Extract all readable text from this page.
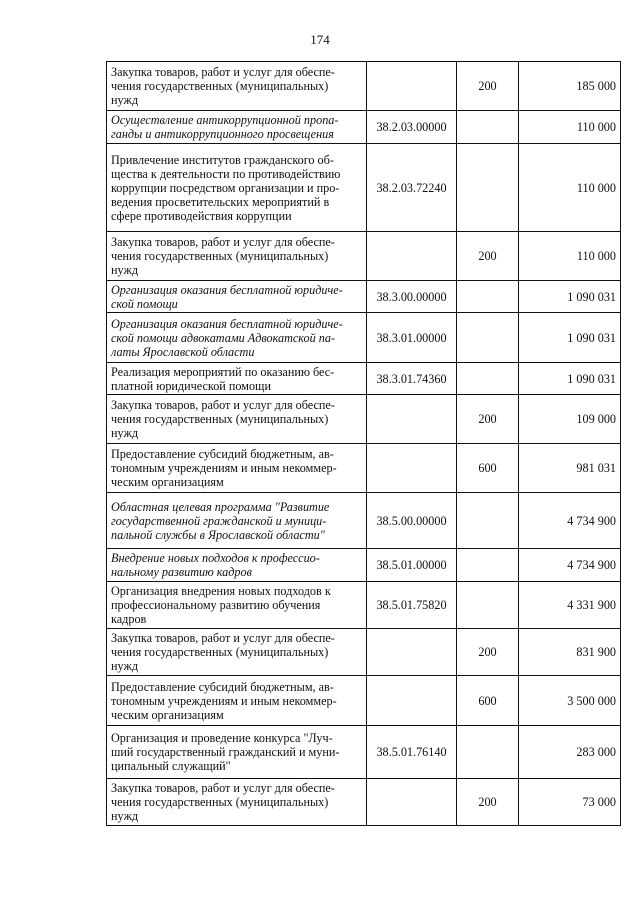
174
Закупка товаров, работ и услуг для обеспе-
чения государственных (муниципальных)
нужд		200	185 000
Осуществление антикоррупционной пропа-
ганды и антикоррупционного просвещения	38.2.03.00000		110 000
Привлечение институтов гражданского об-
щества к деятельности по противодействию
коррупции посредством организации и про-
ведения просветительских мероприятий в
сфере противодействия коррупции	38.2.03.72240		110 000
Закупка товаров, работ и услуг для обеспе-
чения государственных (муниципальных)
нужд		200	110 000
Организация оказания бесплатной юридиче-
ской помощи	38.3.00.00000		1 090 031
Организация оказания бесплатной юридиче-
ской помощи адвокатами Адвокатской па-
латы Ярославской области	38.3.01.00000		1 090 031
Реализация мероприятий по оказанию бес-
платной юридической помощи	38.3.01.74360		1 090 031
Закупка товаров, работ и услуг для обеспе-
чения государственных (муниципальных)
нужд		200	109 000
Предоставление субсидий бюджетным, ав-
тономным учреждениям и иным некоммер-
ческим организациям		600	981 031
Областная целевая программа "Развитие
государственной гражданской и муници-
пальной службы в Ярославской области"	38.5.00.00000		4 734 900
Внедрение новых подходов к профессио-
нальному развитию кадров	38.5.01.00000		4 734 900
Организация внедрения новых подходов к
профессиональному развитию обучения
кадров	38.5.01.75820		4 331 900
Закупка товаров, работ и услуг для обеспе-
чения государственных (муниципальных)
нужд		200	831 900
Предоставление субсидий бюджетным, ав-
тономным учреждениям и иным некоммер-
ческим организациям		600	3 500 000
Организация и проведение конкурса "Луч-
ший государственный гражданский и муни-
ципальный служащий"	38.5.01.76140		283 000
Закупка товаров, работ и услуг для обеспе-
чения государственных (муниципальных)
нужд		200	73 000
